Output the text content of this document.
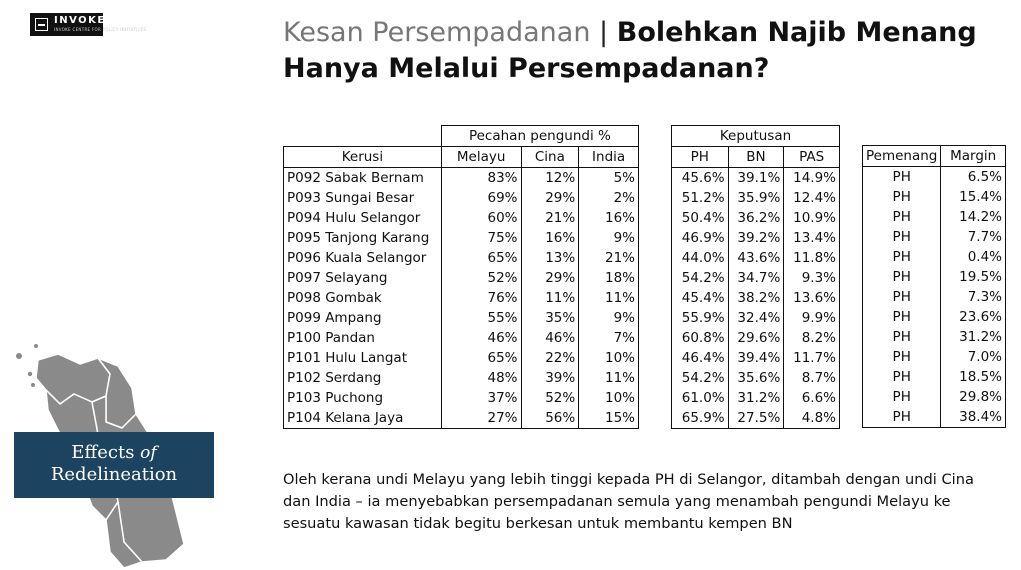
INVOKE
INVOKE CENTRE FOR POLICY INITIATIVES	Kesan Persempadanan | Bolehkan Najib Menang Hanya Melalui Persempadanan?
Effects of
Redelineation
	Pecahan pengundi %		
Kerusi	Melayu	Cina	India
P092 Sabak Bernam	83%	12%	5%
P093 Sungai Besar	69%	29%	2%
P094 Hulu Selangor	60%	21%	16%
P095 Tanjong Karang	75%	16%	9%
P096 Kuala Selangor	65%	13%	21%
P097 Selayang	52%	29%	18%
P098 Gombak	76%	11%	11%
P099 Ampang	55%	35%	9%
P100 Pandan	46%	46%	7%
P101 Hulu Langat	65%	22%	10%
P102 Serdang	48%	39%	11%
P103 Puchong	37%	52%	10%
P104 Kelana Jaya	27%	56%	15%
Keputusan		
PH	BN	PAS
45.6%	39.1%	14.9%
51.2%	35.9%	12.4%
50.4%	36.2%	10.9%
46.9%	39.2%	13.4%
44.0%	43.6%	11.8%
54.2%	34.7%	9.3%
45.4%	38.2%	13.6%
55.9%	32.4%	9.9%
60.8%	29.6%	8.2%
46.4%	39.4%	11.7%
54.2%	35.6%	8.7%
61.0%	31.2%	6.6%
65.9%	27.5%	4.8%

Pemenang	Margin
PH	6.5%
PH	15.4%
PH	14.2%
PH	7.7%
PH	0.4%
PH	19.5%
PH	7.3%
PH	23.6%
PH	31.2%
PH	7.0%
PH	18.5%
PH	29.8%
PH	38.4%
Oleh kerana undi Melayu yang lebih tinggi kepada PH di Selangor, ditambah dengan undi Cina dan India – ia menyebabkan persempadanan semula yang menambah pengundi Melayu ke sesuatu kawasan tidak begitu berkesan untuk membantu kempen BN
